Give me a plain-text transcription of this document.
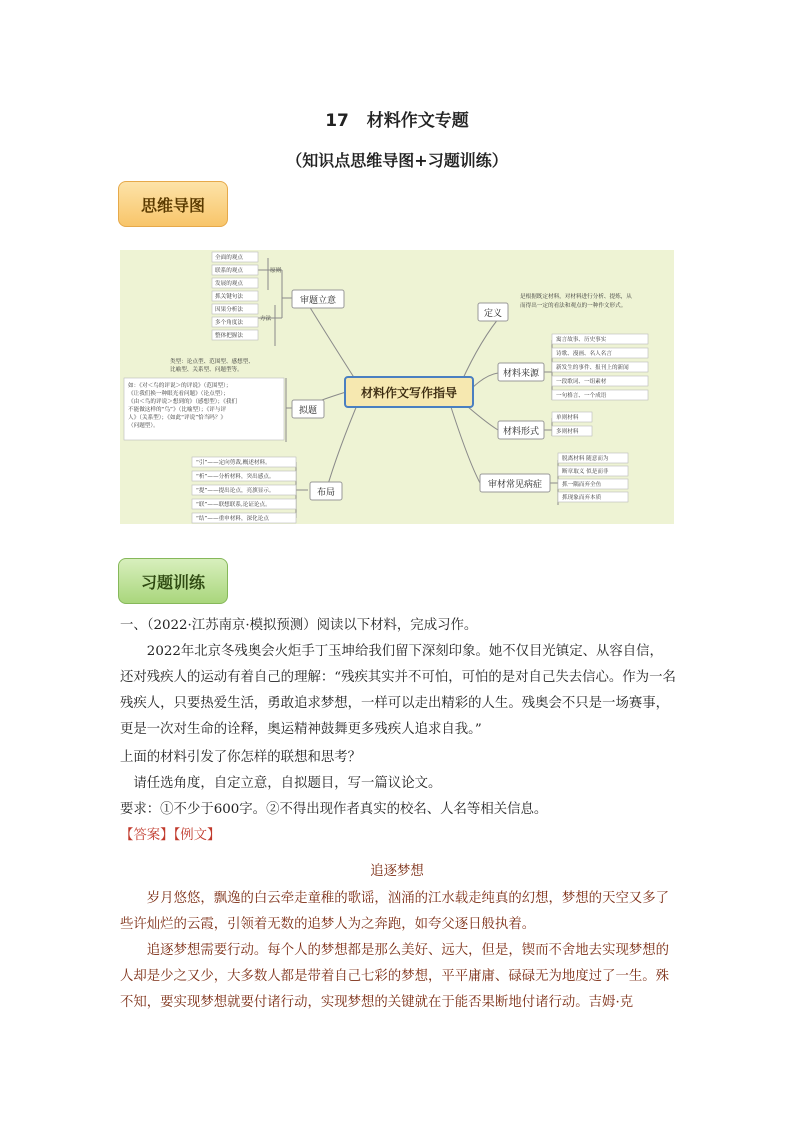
17 材料作文专题
（知识点思维导图+习题训练）
思维导图
材料作文写作指导
审题立意
拟题
布局
定义
材料来源
材料形式
审材常见病症
原则
方法
全面的观点
联系的观点
发展的观点
抓关键句法
因果分析法
多个角度法
整体把握法
类型：论点型、范围型、感想型、
比喻型、关系型、问题型等。
如：《对＜鸟的评说＞的评说》（范围型）；
《让我们换一种眼光看问题》（论点型）；
《由＜鸟的评说＞想到的》（感想型）；《我们
不能做这样的“鸟”》（比喻型）；《评与评
人》（关系型）；《如此“评说”恰当吗？》
（问题型）。
“引”——定向剪裁,概述材料。
“析”——分析材料，突出感点。
“提”——提出论点，亮旗显示。
“联”——联想联系,论证论点。
“结”——重申材料，深化论点
是根据既定材料，对材料进行分析、提炼，从
而得出一定的看法和观点的一种作文形式。
寓言故事、历史事实
诗歌、漫画、名人名言
新发生的事件、报刊上的新闻
一段歌词、一组素材
一句格言、一个成语
单则材料
多则材料
脱离材料 随意而为
断章取义 似是而非
抓一隅而弃全鱼
抓现象而弃本质
习题训练
一、（2022·江苏南京·模拟预测）阅读以下材料，完成习作。
2022年北京冬残奥会火炬手丁玉坤给我们留下深刻印象。她不仅目光镇定、从容自信，还对残疾人的运动有着自己的理解：“残疾其实并不可怕，可怕的是对自己失去信心。作为一名残疾人，只要热爱生活，勇敢追求梦想，一样可以走出精彩的人生。残奥会不只是一场赛事，更是一次对生命的诠释，奥运精神鼓舞更多残疾人追求自我。”
上面的材料引发了你怎样的联想和思考？
请任选角度，自定立意，自拟题目，写一篇议论文。
要求：①不少于600字。②不得出现作者真实的校名、人名等相关信息。
【答案】【例文】
追逐梦想
岁月悠悠，飘逸的白云牵走童稚的歌谣，汹涌的江水载走纯真的幻想，梦想的天空又多了些许灿烂的云霞，引领着无数的追梦人为之奔跑，如夸父逐日般执着。
追逐梦想需要行动。每个人的梦想都是那么美好、远大，但是，锲而不舍地去实现梦想的人却是少之又少，大多数人都是带着自己七彩的梦想，平平庸庸、碌碌无为地度过了一生。殊不知，要实现梦想就要付诸行动，实现梦想的关键就在于能否果断地付诸行动。吉姆·克
